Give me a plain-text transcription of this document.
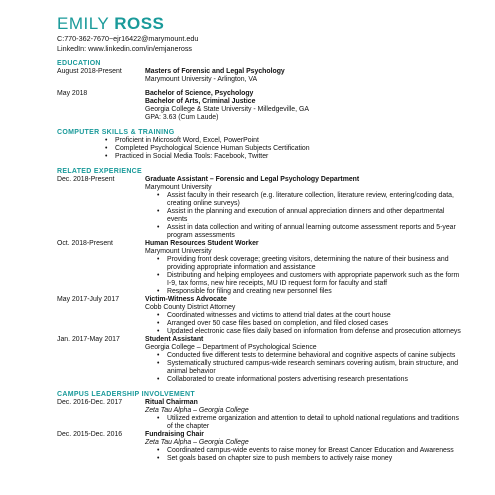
EMILY ROSS
C:770-362-7670~ejr16422@marymount.edu
LinkedIn: www.linkedin.com/in/emjaneross
EDUCATION
August 2018-Present	Masters of Forensic and Legal Psychology
Marymount University - Arlington, VA
May 2018	Bachelor of Science, Psychology
Bachelor of Arts, Criminal Justice
Georgia College & State University - Milledgeville, GA
GPA: 3.63 (Cum Laude)
COMPUTER SKILLS & TRAINING
• Proficient in Microsoft Word, Excel, PowerPoint
• Completed Psychological Science Human Subjects Certification
• Practiced in Social Media Tools: Facebook, Twitter
RELATED EXPERIENCE
Dec. 2018-Present	Graduate Assistant – Forensic and Legal Psychology Department
Marymount University
• Assist faculty in their research (e.g. literature collection, literature review, entering/coding data, creating online surveys)
• Assist in the planning and execution of annual appreciation dinners and other departmental events
• Assist in data collection and writing of annual learning outcome assessment reports and 5-year program assessments
Oct. 2018-Present	Human Resources Student Worker
Marymount University
• Providing front desk coverage; greeting visitors, determining the nature of their business and providing appropriate information and assistance
• Distributing and helping employees and customers with appropriate paperwork such as the form I-9, tax forms, new hire receipts, MU ID request form for faculty and staff
• Responsible for filing and creating new personnel files
May 2017-July 2017	Victim-Witness Advocate
Cobb County District Attorney
• Coordinated witnesses and victims to attend trial dates at the court house
• Arranged over 50 case files based on completion, and filed closed cases
• Updated electronic case files daily based on information from defense and prosecution attorneys
Jan. 2017-May 2017	Student Assistant
Georgia College – Department of Psychological Science
• Conducted five different tests to determine behavioral and cognitive aspects of canine subjects
• Systematically structured campus-wide research seminars covering autism, brain structure, and animal behavior
• Collaborated to create informational posters advertising research presentations
CAMPUS LEADERSHIP INVOLVEMENT
Dec. 2016-Dec. 2017	Ritual Chairman
Zeta Tau Alpha – Georgia College
• Utilized extreme organization and attention to detail to uphold national regulations and traditions of the chapter
Dec. 2015-Dec. 2016	Fundraising Chair
Zeta Tau Alpha – Georgia College
• Coordinated campus-wide events to raise money for Breast Cancer Education and Awareness
• Set goals based on chapter size to push members to actively raise money
